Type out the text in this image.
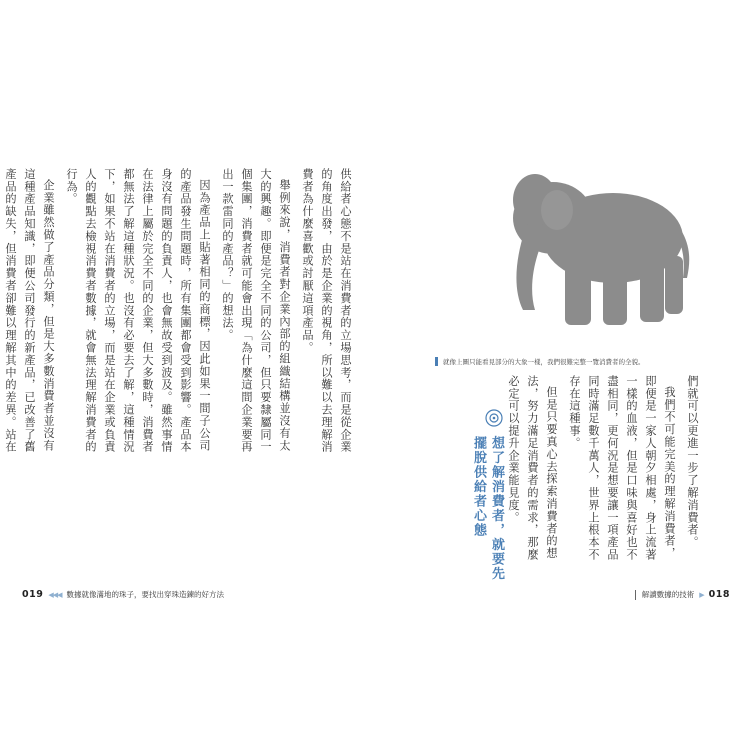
供給者心態不是站在消費者的立場思考，而是從企業的角度出發，由於是企業的視角，所以難以去理解消費者為什麼喜歡或討厭這項產品。

舉例來說，消費者對企業內部的組織結構並沒有太大的興趣。即便是完全不同的公司，但只要隸屬同一個集團，消費者就可能會出現「為什麼這間企業要再出一款雷同的產品？」的想法。

因為產品上貼著相同的商標，因此如果一間子公司的產品發生問題時，所有集團都會受到影響。產品本身沒有問題的負責人，也會無故受到波及。雖然事情在法律上屬於完全不同的企業，但大多數時，消費者都無法了解這種狀況。也沒有必要去了解，這種情況下，如果不站在消費者的立場，而是站在企業或負責人的觀點去檢視消費者數據，就會無法理解消費者的行為。

企業雖然做了產品分類，但是大多數消費者並沒有這種產品知識，即便公司發行的新產品，已改善了舊產品的缺失，但消費者卻難以理解其中的差異。站在

就像上圖只能看見部分的大象一樣，我們很難完整一覽消費者的全貌。
想了解消費者，就要先擺脫供給者心態	們就可以更進一步了解消費者。

我們不可能完美的理解消費者，即便是一家人朝夕相處，身上流著一樣的血液，但是口味與喜好也不盡相同，更何況是想要讓一項產品同時滿足數千萬人，世界上根本不存在這種事。

但是只要真心去探索消費者的想法，努力滿足消費者的需求，那麼必定可以提升企業能見度。

019 ◀◀◀ 數據就像滿地的珠子，要找出穿珠造鍊的好方法	解讀數據的技術 ▶ 018
